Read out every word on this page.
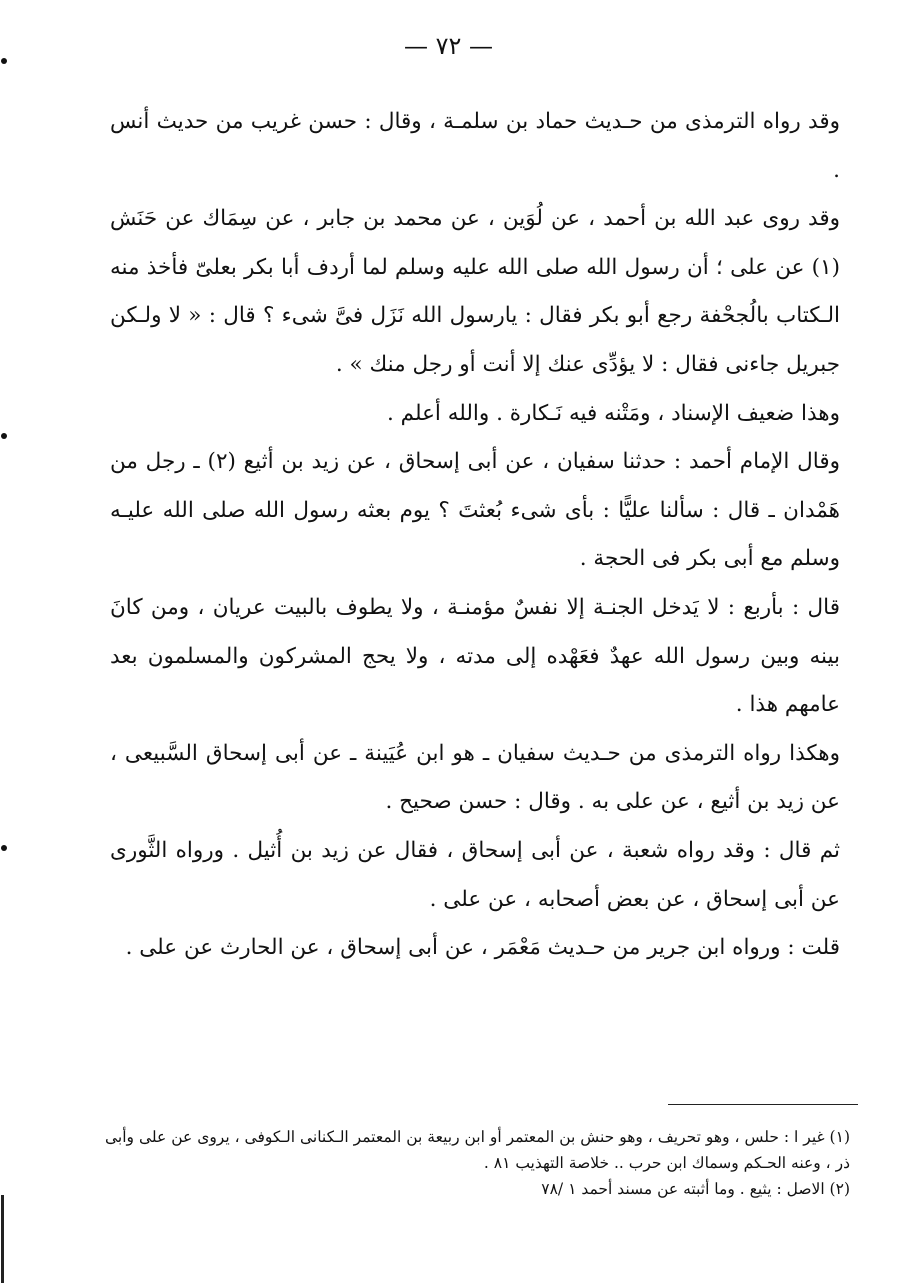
— ٧٢ —

وقد رواه الترمذى من حـديث حماد بن سلمـة ، وقال : حسن غريب من حديث أنس .

وقد روى عبد الله بن أحمد ، عن لُوَين ، عن محمد بن جابر ، عن سِمَاك عن حَنَش (١) عن على ؛ أن رسول الله صلى الله عليه وسلم لما أردف أبا بكر بعلىّ فأخذ منه الـكتاب بالُجحْفة رجع أبو بكر فقال : يارسول الله نَزَل فىَّ شىء ؟ قال : « لا ولـكن جبريل جاءنى فقال : لا يؤدِّى عنك إلا أنت أو رجل منك » .

وهذا ضعيف الإسناد ، ومَتْنه فيه نَـكارة . والله أعلم .

وقال الإمام أحمد : حدثنا سفيان ، عن أبى إسحاق ، عن زيد بن أثيع (٢) ـ رجل من هَمْدان ـ قال : سألنا عليًّا : بأى شىء بُعثتَ ؟ يوم بعثه رسول الله صلى الله عليـه وسلم مع أبى بكر فى الحجة .

قال : بأربع : لا يَدخل الجنـة إلا نفسٌ مؤمنـة ، ولا يطوف بالبيت عريان ، ومن كانَ بينه وبين رسول الله عهدٌ فعَهْده إلى مدته ، ولا يحج المشركون والمسلمون بعد عامهم هذا .

وهكذا رواه الترمذى من حـديث سفيان ـ هو ابن عُيَينة ـ عن أبى إسحاق السَّبيعى ، عن زيد بن أثيع ، عن على به . وقال : حسن صحيح .

ثم قال : وقد رواه شعبة ، عن أبى إسحاق ، فقال عن زيد بن أُثيل . ورواه الثَّورى عن أبى إسحاق ، عن بعض أصحابه ، عن على .

قلت : ورواه ابن جرير من حـديث مَعْمَر ، عن أبى إسحاق ، عن الحارث عن على .

(١) غير ا : حلس ، وهو تحريف ، وهو حنش بن المعتمر أو ابن ربيعة بن المعتمر الـكنانى الـكوفى ، يروى عن على وأبى ذر ، وعنه الحـكم وسماك ابن حرب .. خلاصة التهذيب ٨١ .

(٢) الاصل : يثيع . وما أثبته عن مسند أحمد ١ /٧٨
